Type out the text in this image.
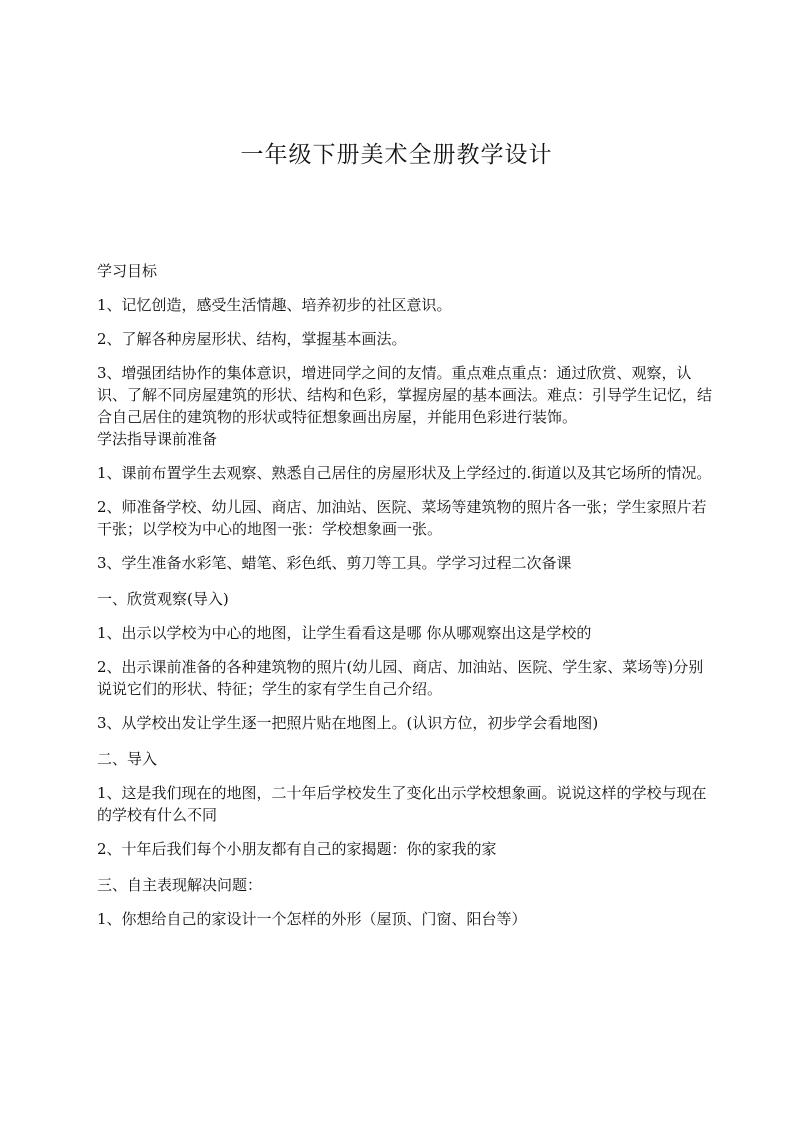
一年级下册美术全册教学设计

学习目标

1、记忆创造，感受生活情趣、培养初步的社区意识。

2、了解各种房屋形状、结构，掌握基本画法。

3、增强团结协作的集体意识，增进同学之间的友情。重点难点重点：通过欣赏、观察，认识、了解不同房屋建筑的形状、结构和色彩，掌握房屋的基本画法。难点：引导学生记忆，结合自己居住的建筑物的形状或特征想象画出房屋，并能用色彩进行装饰。

学法指导课前准备

1、课前布置学生去观察、熟悉自己居住的房屋形状及上学经过的.街道以及其它场所的情况。

2、师准备学校、幼儿园、商店、加油站、医院、菜场等建筑物的照片各一张；学生家照片若干张；以学校为中心的地图一张：学校想象画一张。

3、学生准备水彩笔、蜡笔、彩色纸、剪刀等工具。学学习过程二次备课

一、欣赏观察(导入)

1、出示以学校为中心的地图，让学生看看这是哪 你从哪观察出这是学校的

2、出示课前准备的各种建筑物的照片(幼儿园、商店、加油站、医院、学生家、菜场等)分别说说它们的形状、特征；学生的家有学生自己介绍。

3、从学校出发让学生逐一把照片贴在地图上。(认识方位，初步学会看地图)

二、导入

1、这是我们现在的地图，二十年后学校发生了变化出示学校想象画。说说这样的学校与现在的学校有什么不同

2、十年后我们每个小朋友都有自己的家揭题：你的家我的家

三、自主表现解决问题：

1、你想给自己的家设计一个怎样的外形（屋顶、门窗、阳台等）
